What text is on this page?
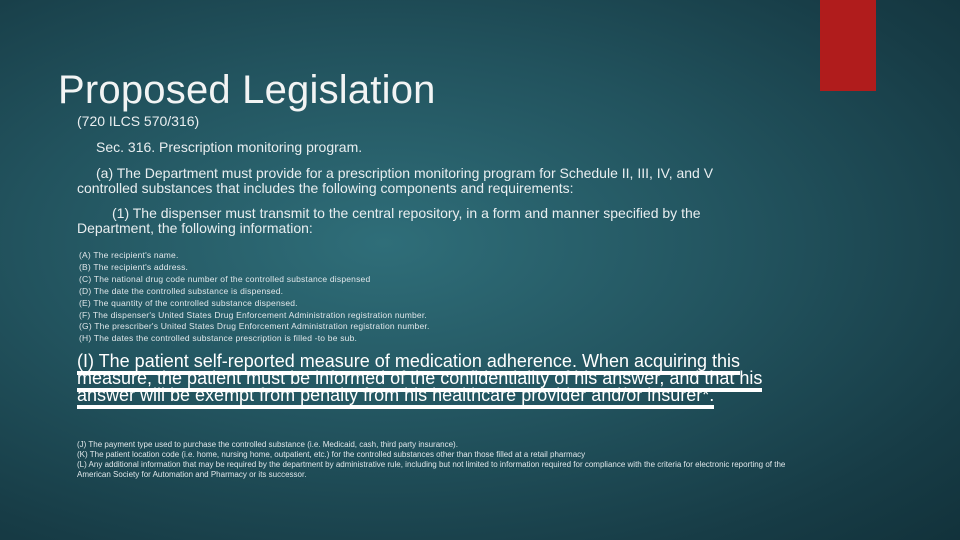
Proposed Legislation
(720 ILCS 570/316)
Sec. 316. Prescription monitoring program.
(a) The Department must provide for a prescription monitoring program for Schedule II, III, IV, and V controlled substances that includes the following components and requirements:
(1) The dispenser must transmit to the central repository, in a form and manner specified by the Department, the following information:
(A) The recipient's name.
(B) The recipient's address.
(C) The national drug code number of the controlled substance dispensed
(D) The date the controlled substance is dispensed.
(E) The quantity of the controlled substance dispensed.
(F) The dispenser's United States Drug Enforcement Administration registration number.
(G) The prescriber's United States Drug Enforcement Administration registration number.
(H) The dates the controlled substance prescription is filled -to be sub.
(I) The patient self-reported measure of medication adherence. When acquiring this measure, the patient must be informed of the confidentiality of his answer, and that his answer will be exempt from penalty from his healthcare provider and/or insurer*.
(J) The payment type used to purchase the controlled substance (i.e. Medicaid, cash, third party insurance).
(K) The patient location code (i.e. home, nursing home, outpatient, etc.) for the controlled substances other than those filled at a retail pharmacy
(L) Any additional information that may be required by the department by administrative rule, including but not limited to information required for compliance with the criteria for electronic reporting of the American Society for Automation and Pharmacy or its successor.
